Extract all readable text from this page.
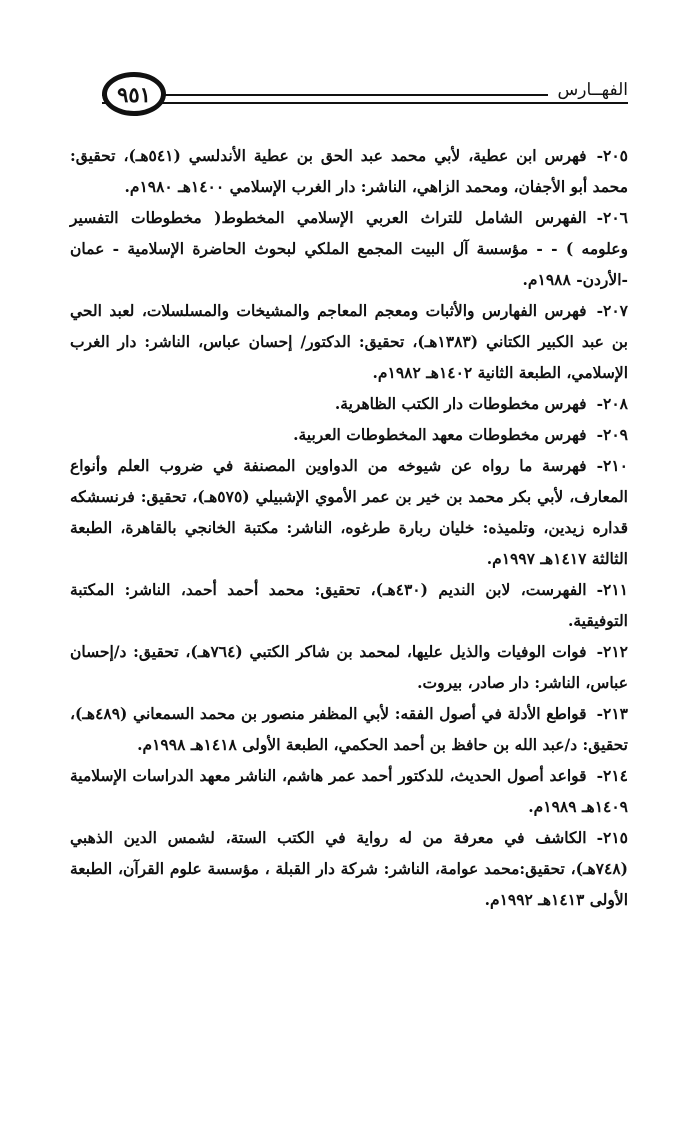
الفهــارس
٩٥١
٢٠٥-فهرس ابن عطية، لأبي محمد عبد الحق بن عطية الأندلسي (٥٤١هـ)، تحقيق: محمد أبو الأجفان، ومحمد الزاهي، الناشر: دار الغرب الإسلامي ١٤٠٠هـ ١٩٨٠م.
٢٠٦-الفهرس الشامل للتراث العربي الإسلامي المخطوط( مخطوطات التفسير وعلومه ) - - مؤسسة آل البيت المجمع الملكي لبحوث الحاضرة الإسلامية - عمان -الأردن- ١٩٨٨م.
٢٠٧-فهرس الفهارس والأثبات ومعجم المعاجم والمشيخات والمسلسلات، لعبد الحي بن عبد الكبير الكتاني (١٣٨٣هـ)، تحقيق: الدكتور/ إحسان عباس، الناشر: دار الغرب الإسلامي، الطبعة الثانية ١٤٠٢هـ ١٩٨٢م.
٢٠٨-فهرس مخطوطات دار الكتب الظاهرية.
٢٠٩-فهرس مخطوطات معهد المخطوطات العربية.
٢١٠-فهرسة ما رواه عن شيوخه من الدواوين المصنفة في ضروب العلم وأنواع المعارف، لأبي بكر محمد بن خير بن عمر الأموي الإشبيلي (٥٧٥هـ)، تحقيق: فرنسشكه قداره زيدين، وتلميذه: خليان ربارة طرغوه، الناشر: مكتبة الخانجي بالقاهرة، الطبعة الثالثة ١٤١٧هـ ١٩٩٧م.
٢١١-الفهرست، لابن النديم (٤٣٠هـ)، تحقيق: محمد أحمد أحمد، الناشر: المكتبة التوفيقية.
٢١٢-فوات الوفيات والذيل عليها، لمحمد بن شاكر الكتبي (٧٦٤هـ)، تحقيق: د/إحسان عباس، الناشر: دار صادر، بيروت.
٢١٣-قواطع الأدلة في أصول الفقه: لأبي المظفر منصور بن محمد السمعاني (٤٨٩هـ)، تحقيق: د/عبد الله بن حافظ بن أحمد الحكمي، الطبعة الأولى ١٤١٨هـ ١٩٩٨م.
٢١٤-قواعد أصول الحديث، للدكتور أحمد عمر هاشم، الناشر معهد الدراسات الإسلامية ١٤٠٩هـ ١٩٨٩م.
٢١٥-الكاشف في معرفة من له رواية في الكتب الستة، لشمس الدين الذهبي (٧٤٨هـ)، تحقيق:محمد عوامة، الناشر: شركة دار القبلة ، مؤسسة علوم القرآن، الطبعة الأولى ١٤١٣هـ ١٩٩٢م.
